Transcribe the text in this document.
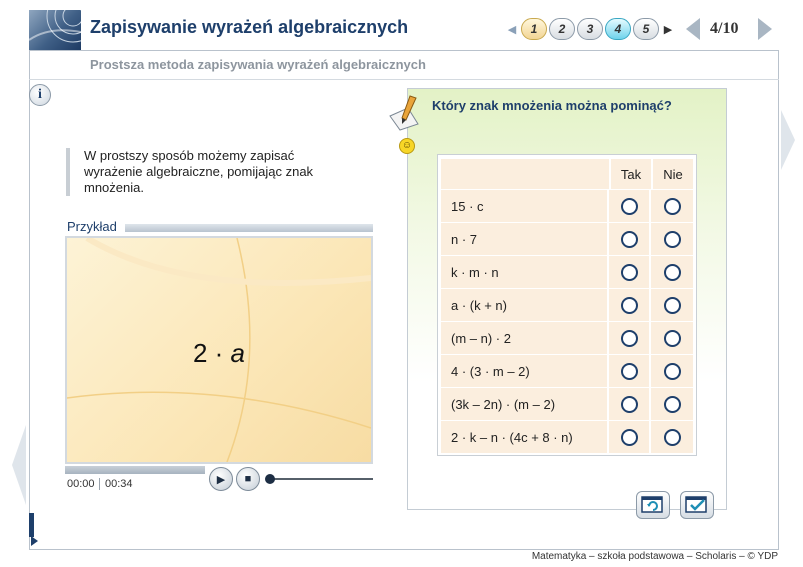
Zapisywanie wyrażeń algebraicznych	◀	1	2	3	4	5	▶ 4/10
Prostsza metoda zapisywania wyrażeń algebraicznych
i
W prostszy sposób możemy zapisać wyrażenie algebraiczne, pomijając znak mnożenia.
Przykład
2 · a
00:00 00:34	▶ ■
☺
Który znak mnożenia można pominąć?
	Tak	Nie
15 · c		
n · 7		
k · m · n		
a · (k + n)		
(m – n) · 2		
4 · (3 · m – 2)		
(3k – 2n) · (m – 2)		
2 · k – n · (4c + 8 · n)		
Matematyka – szkoła podstawowa – Scholaris – © YDP
